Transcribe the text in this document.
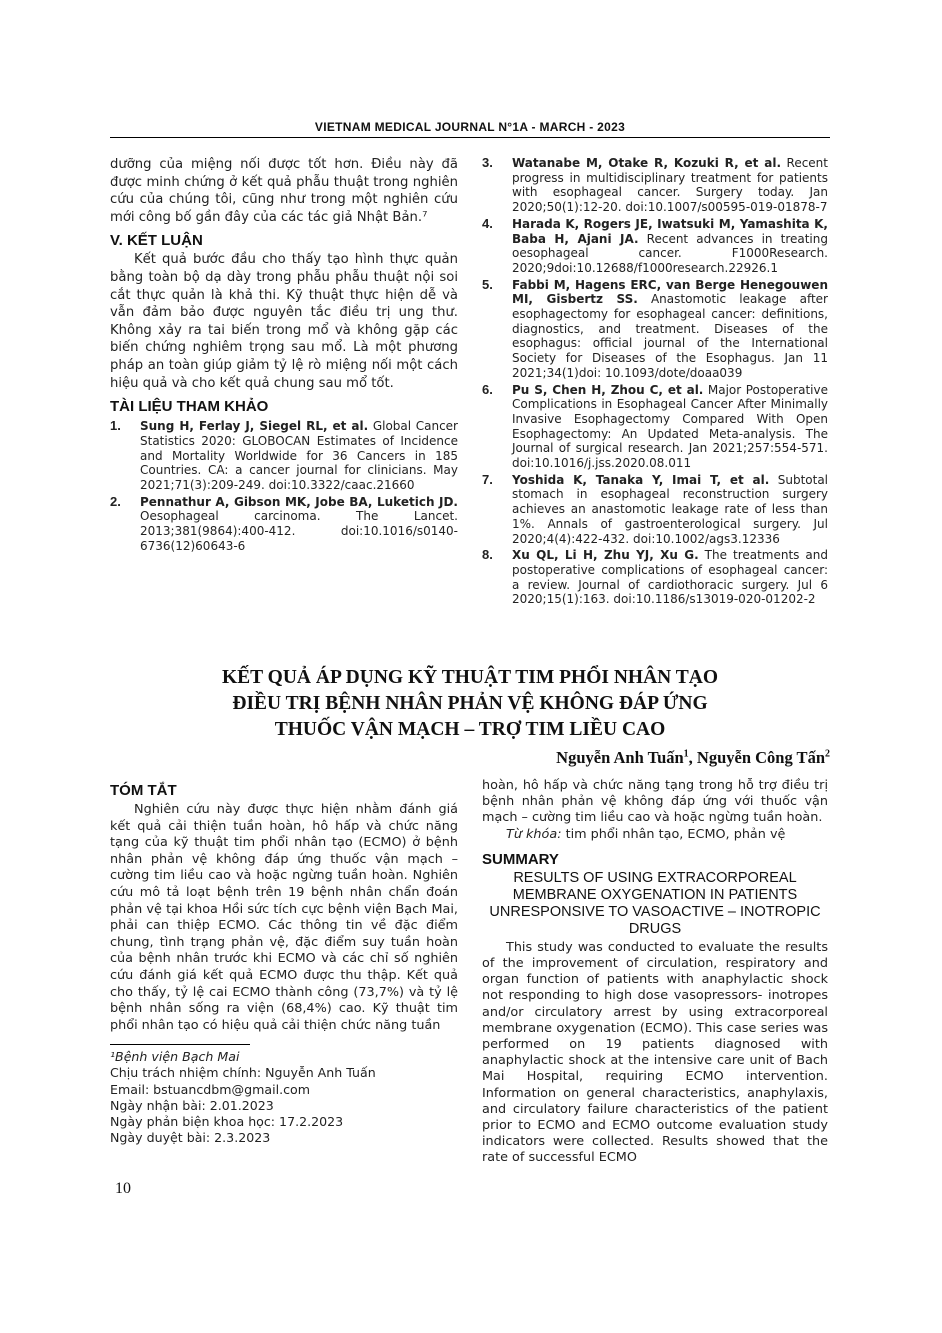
VIETNAM MEDICAL JOURNAL N°1A - MARCH - 2023

dưỡng của miệng nối được tốt hơn. Điều này đã được minh chứng ở kết quả phẫu thuật trong nghiên cứu của chúng tôi, cũng như trong một nghiên cứu mới công bố gần đây của các tác giả Nhật Bản.⁷

V. KẾT LUẬN

Kết quả bước đầu cho thấy tạo hình thực quản bằng toàn bộ dạ dày trong phẫu phẫu thuật nội soi cắt thực quản là khả thi. Kỹ thuật thực hiện dễ và vẫn đảm bảo được nguyên tắc điều trị ung thư. Không xảy ra tai biến trong mổ và không gặp các biến chứng nghiêm trọng sau mổ. Là một phương pháp an toàn giúp giảm tỷ lệ rò miệng nối một cách hiệu quả và cho kết quả chung sau mổ tốt.

TÀI LIỆU THAM KHẢO

1. Sung H, Ferlay J, Siegel RL, et al. Global Cancer Statistics 2020: GLOBOCAN Estimates of Incidence and Mortality Worldwide for 36 Cancers in 185 Countries. CA: a cancer journal for clinicians. May 2021;71(3):209-249. doi:10.3322/caac.21660
2. Pennathur A, Gibson MK, Jobe BA, Luketich JD. Oesophageal carcinoma. The Lancet. 2013;381(9864):400-412. doi:10.1016/s0140-6736(12)60643-6
3. Watanabe M, Otake R, Kozuki R, et al. Recent progress in multidisciplinary treatment for patients with esophageal cancer. Surgery today. Jan 2020;50(1):12-20. doi:10.1007/s00595-019-01878-7
4. Harada K, Rogers JE, Iwatsuki M, Yamashita K, Baba H, Ajani JA. Recent advances in treating oesophageal cancer. F1000Research. 2020;9doi:10.12688/f1000research.22926.1
5. Fabbi M, Hagens ERC, van Berge Henegouwen MI, Gisbertz SS. Anastomotic leakage after esophagectomy for esophageal cancer: definitions, diagnostics, and treatment. Diseases of the esophagus: official journal of the International Society for Diseases of the Esophagus. Jan 11 2021;34(1)doi: 10.1093/dote/doaa039
6. Pu S, Chen H, Zhou C, et al. Major Postoperative Complications in Esophageal Cancer After Minimally Invasive Esophagectomy Compared With Open Esophagectomy: An Updated Meta-analysis. The Journal of surgical research. Jan 2021;257:554-571. doi:10.1016/j.jss.2020.08.011
7. Yoshida K, Tanaka Y, Imai T, et al. Subtotal stomach in esophageal reconstruction surgery achieves an anastomotic leakage rate of less than 1%. Annals of gastroenterological surgery. Jul 2020;4(4):422-432. doi:10.1002/ags3.12336
8. Xu QL, Li H, Zhu YJ, Xu G. The treatments and postoperative complications of esophageal cancer: a review. Journal of cardiothoracic surgery. Jul 6 2020;15(1):163. doi:10.1186/s13019-020-01202-2
KẾT QUẢ ÁP DỤNG KỸ THUẬT TIM PHỔI NHÂN TẠO
ĐIỀU TRỊ BỆNH NHÂN PHẢN VỆ KHÔNG ĐÁP ỨNG
THUỐC VẬN MẠCH – TRỢ TIM LIỀU CAO
Nguyễn Anh Tuấn$^1$, Nguyễn Công Tấn$^2$

TÓM TẮT

Nghiên cứu này được thực hiện nhằm đánh giá kết quả cải thiện tuần hoàn, hô hấp và chức năng tạng của kỹ thuật tim phổi nhân tạo (ECMO) ở bệnh nhân phản vệ không đáp ứng thuốc vận mạch – cường tim liều cao và hoặc ngừng tuần hoàn. Nghiên cứu mô tả loạt bệnh trên 19 bệnh nhân chẩn đoán phản vệ tại khoa Hồi sức tích cực bệnh viện Bạch Mai, phải can thiệp ECMO. Các thông tin về đặc điểm chung, tình trạng phản vệ, đặc điểm suy tuần hoàn của bệnh nhân trước khi ECMO và các chỉ số nghiên cứu đánh giá kết quả ECMO được thu thập. Kết quả cho thấy, tỷ lệ cai ECMO thành công (73,7%) và tỷ lệ bệnh nhân sống ra viện (68,4%) cao. Kỹ thuật tim phổi nhân tạo có hiệu quả cải thiện chức năng tuần

¹Bệnh viện Bạch Mai

Chịu trách nhiệm chính: Nguyễn Anh Tuấn

Email: bstuancdbm@gmail.com

Ngày nhận bài: 2.01.2023

Ngày phản biện khoa học: 17.2.2023

Ngày duyệt bài: 2.3.2023

hoàn, hô hấp và chức năng tạng trong hỗ trợ điều trị bệnh nhân phản vệ không đáp ứng với thuốc vận mạch – cường tim liều cao và hoặc ngừng tuần hoàn.

Từ khóa: tim phổi nhân tạo, ECMO, phản vệ

SUMMARY

RESULTS OF USING EXTRACORPOREAL MEMBRANE OXYGENATION IN PATIENTS UNRESPONSIVE TO VASOACTIVE – INOTROPIC DRUGS

This study was conducted to evaluate the results of the improvement of circulation, respiratory and organ function of patients with anaphylactic shock not responding to high dose vasopressors- inotropes and/or circulatory arrest by using extracorporeal membrane oxygenation (ECMO). This case series was performed on 19 patients diagnosed with anaphylactic shock at the intensive care unit of Bach Mai Hospital, requiring ECMO intervention. Information on general characteristics, anaphylaxis, and circulatory failure characteristics of the patient prior to ECMO and ECMO outcome evaluation study indicators were collected. Results showed that the rate of successful ECMO

10
